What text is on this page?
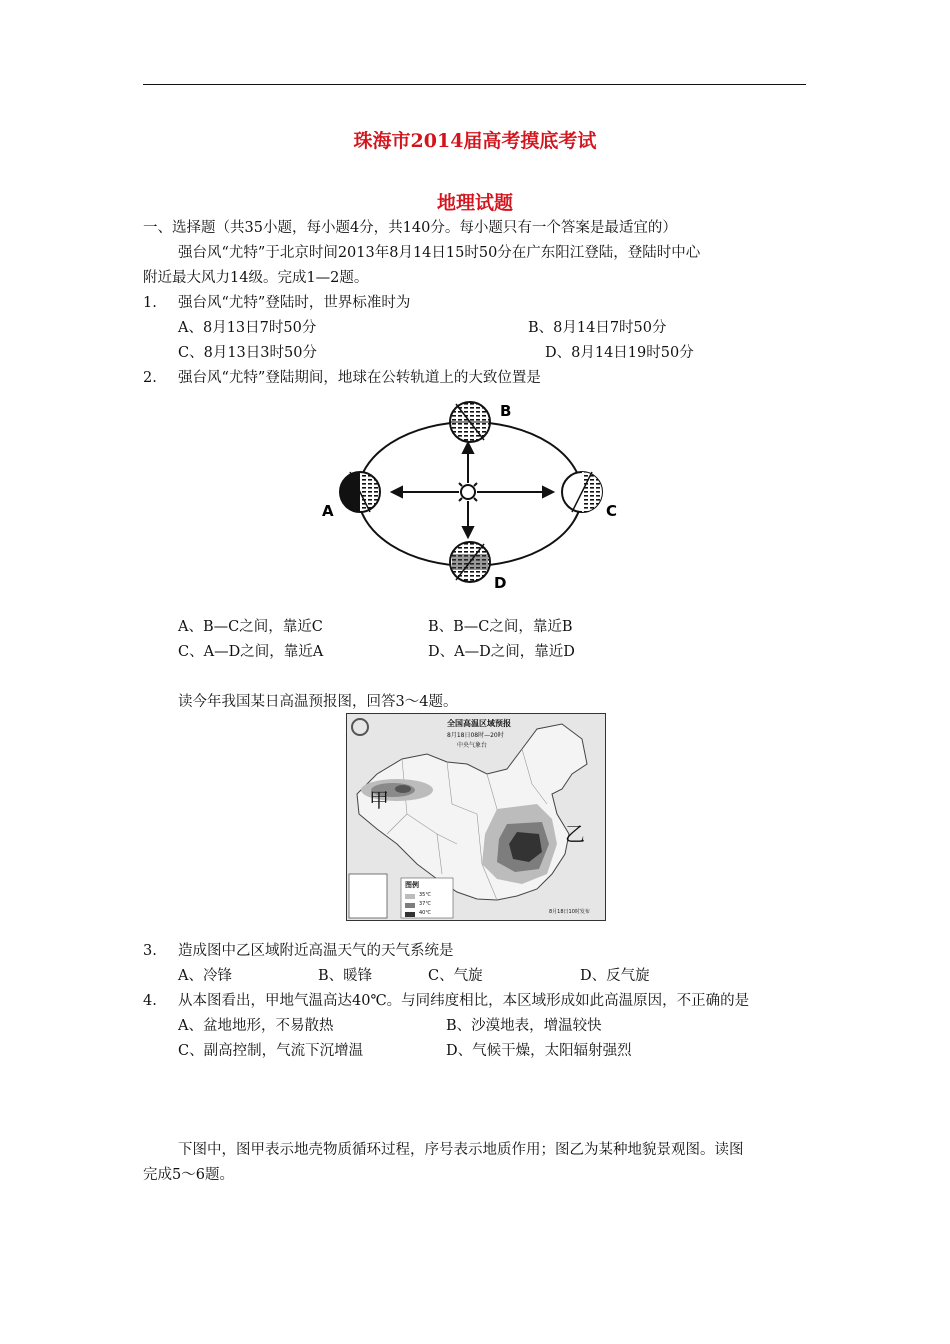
珠海市2014届高考摸底考试
地理试题
一、选择题（共35小题，每小题4分，共140分。每小题只有一个答案是最适宜的）
强台风“尤特”于北京时间2013年8月14日15时50分在广东阳江登陆，登陆时中心
附近最大风力14级。完成1—2题。
1. 强台风“尤特”登陆时，世界标准时为
A、8月13日7时50分	B、8月14日7时50分
C、8月13日3时50分	D、8月14日19时50分
2. 强台风“尤特”登陆期间，地球在公转轨道上的大致位置是
B
A	C
D
A、B—C之间，靠近C	B、B—C之间，靠近B
C、A—D之间，靠近A	D、A—D之间，靠近D
读今年我国某日高温预报图，回答3～4题。
全国高温区域预报
8月18日08时—20时
中央气象台
甲
乙
图例
35℃
37℃
40℃	8月18日10时发布
3. 造成图中乙区域附近高温天气的天气系统是
A、冷锋	B、暖锋	C、气旋	D、反气旋
4. 从本图看出，甲地气温高达40℃。与同纬度相比，本区域形成如此高温原因，不正确的是
A、盆地地形，不易散热	B、沙漠地表，增温较快
C、副高控制，气流下沉增温	D、气候干燥，太阳辐射强烈
下图中，图甲表示地壳物质循环过程，序号表示地质作用；图乙为某种地貌景观图。读图
完成5～6题。
